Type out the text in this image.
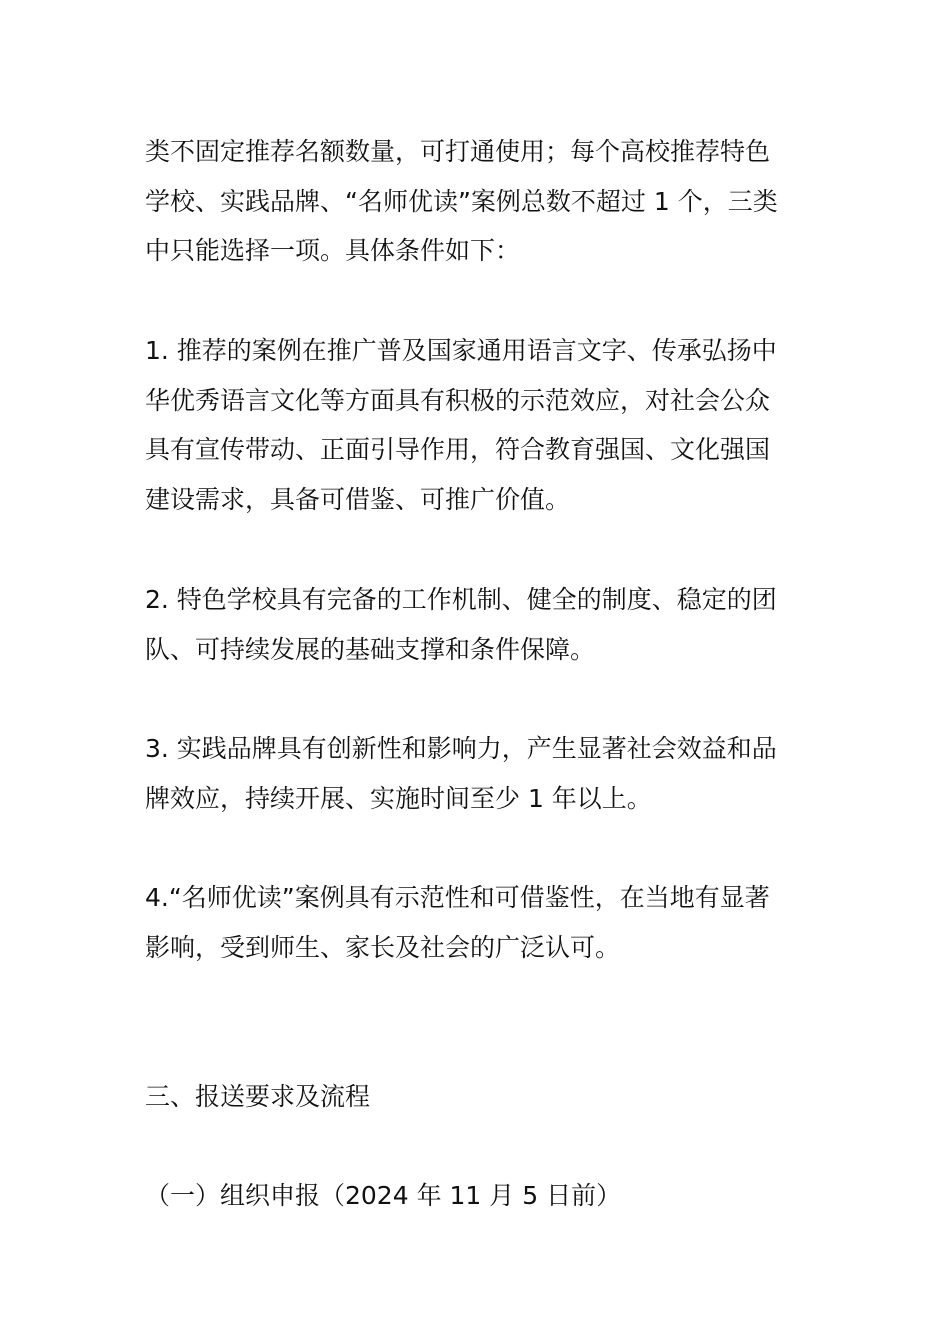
类不固定推荐名额数量，可打通使用；每个高校推荐特色
学校、实践品牌、“名师优读”案例总数不超过 1 个，三类
中只能选择一项。具体条件如下：

1. 推荐的案例在推广普及国家通用语言文字、传承弘扬中
华优秀语言文化等方面具有积极的示范效应，对社会公众
具有宣传带动、正面引导作用，符合教育强国、文化强国
建设需求，具备可借鉴、可推广价值。

2. 特色学校具有完备的工作机制、健全的制度、稳定的团
队、可持续发展的基础支撑和条件保障。

3. 实践品牌具有创新性和影响力，产生显著社会效益和品
牌效应，持续开展、实施时间至少 1 年以上。

4.“名师优读”案例具有示范性和可借鉴性，在当地有显著
影响，受到师生、家长及社会的广泛认可。

三、报送要求及流程

（一）组织申报（2024 年 11 月 5 日前）
